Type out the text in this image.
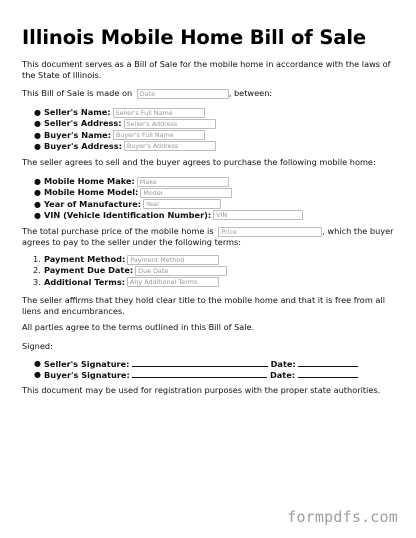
Illinois Mobile Home Bill of Sale

This document serves as a Bill of Sale for the mobile home in accordance with the laws of the State of Illinois.

This Bill of Sale is made on Date	, between:
● Seller's Name: Seller's Full Name
● Seller's Address: Seller's Address
● Buyer's Name: Buyer's Full Name
● Buyer's Address: Buyer's Address

The seller agrees to sell and the buyer agrees to purchase the following mobile home:

● Mobile Home Make: Make
● Mobile Home Model: Model
● Year of Manufacture: Year
● VIN (Vehicle Identification Number): VIN
The total purchase price of the mobile home is Price	, which the buyer

agrees to pay to the seller under the following terms:

1. Payment Method: Payment Method
2. Payment Due Date: Due Date
3. Additional Terms: Any Additional Terms

The seller affirms that they hold clear title to the mobile home and that it is free from all liens and encumbrances.

All parties agree to the terms outlined in this Bill of Sale.

Signed:

● Seller's Signature:	Date:
● Buyer's Signature:	Date:

This document may be used for registration purposes with the proper state authorities.

formpdfs.com
